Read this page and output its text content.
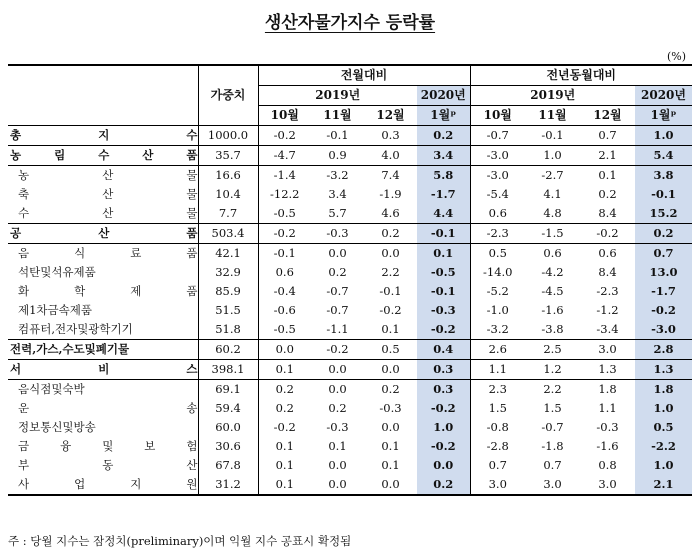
생산자물가지수 등락률
(%)
	가중치	전월대비				전년동월대비			
		2019년			2020년	2019년			2020년
		10월	11월	12월	1월ᵖ	10월	11월	12월	1월ᵖ
총 지 수	1000.0	-0.2	-0.1	0.3	0.2	-0.7	-0.1	0.7	1.0
농 림 수 산 품	35.7	-4.7	0.9	4.0	3.4	-3.0	1.0	2.1	5.4
농 산 물	16.6	-1.4	-3.2	7.4	5.8	-3.0	-2.7	0.1	3.8
축 산 물	10.4	-12.2	3.4	-1.9	-1.7	-5.4	4.1	0.2	-0.1
수 산 물	7.7	-0.5	5.7	4.6	4.4	0.6	4.8	8.4	15.2
공 산 품	503.4	-0.2	-0.3	0.2	-0.1	-2.3	-1.5	-0.2	0.2
음 식 료 품	42.1	-0.1	0.0	0.0	0.1	0.5	0.6	0.6	0.7
석탄및석유제품	32.9	0.6	0.2	2.2	-0.5	-14.0	-4.2	8.4	13.0
화 학 제 품	85.9	-0.4	-0.7	-0.1	-0.1	-5.2	-4.5	-2.3	-1.7
제1차금속제품	51.5	-0.6	-0.7	-0.2	-0.3	-1.0	-1.6	-1.2	-0.2
컴퓨터,전자및광학기기	51.8	-0.5	-1.1	0.1	-0.2	-3.2	-3.8	-3.4	-3.0
전력,가스,수도및폐기물	60.2	0.0	-0.2	0.5	0.4	2.6	2.5	3.0	2.8
서 비 스	398.1	0.1	0.0	0.0	0.3	1.1	1.2	1.3	1.3
음식점및숙박	69.1	0.2	0.0	0.2	0.3	2.3	2.2	1.8	1.8
운 송	59.4	0.2	0.2	-0.3	-0.2	1.5	1.5	1.1	1.0
정보통신및방송	60.0	-0.2	-0.3	0.0	1.0	-0.8	-0.7	-0.3	0.5
금 융 및 보 험	30.6	0.1	0.1	0.1	-0.2	-2.8	-1.8	-1.6	-2.2
부 동 산	67.8	0.1	0.0	0.1	0.0	0.7	0.7	0.8	1.0
사 업 지 원	31.2	0.1	0.0	0.0	0.2	3.0	3.0	3.0	2.1
주 : 당월 지수는 잠정치(preliminary)이며 익월 지수 공표시 확정됨
